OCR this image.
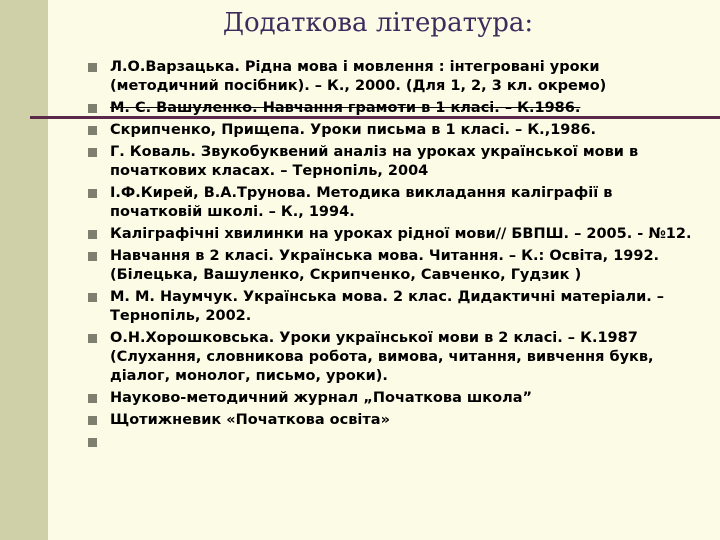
Додаткова література:
Л.О.Варзацька. Рідна мова і мовлення : інтегровані уроки (методичний посібник). – К., 2000. (Для 1, 2, 3 кл. окремо)
М. С. Вашуленко. Навчання грамоти в 1 класі. – К.1986.
Скрипченко, Прищепа. Уроки письма в 1 класі. – К.,1986.
Г. Коваль. Звукобуквений аналіз на уроках української мови в початкових класах. – Тернопіль, 2004
І.Ф.Кирей, В.А.Трунова. Методика викладання каліграфії в початковій школі. – К., 1994.
Каліграфічні хвилинки на уроках рідної мови// БВПШ. – 2005. - №12.
Навчання в 2 класі. Українська мова. Читання. – К.: Освіта, 1992. (Білецька, Вашуленко, Скрипченко, Савченко, Гудзик )
М. М. Наумчук. Українська мова. 2 клас. Дидактичні матеріали. – Тернопіль, 2002.
О.Н.Хорошковська. Уроки української мови в 2 класі. – К.1987 (Слухання, словникова робота, вимова, читання, вивчення букв, діалог, монолог, письмо, уроки).
Науково-методичний журнал „Початкова школа”
Щотижневик «Початкова освіта»
